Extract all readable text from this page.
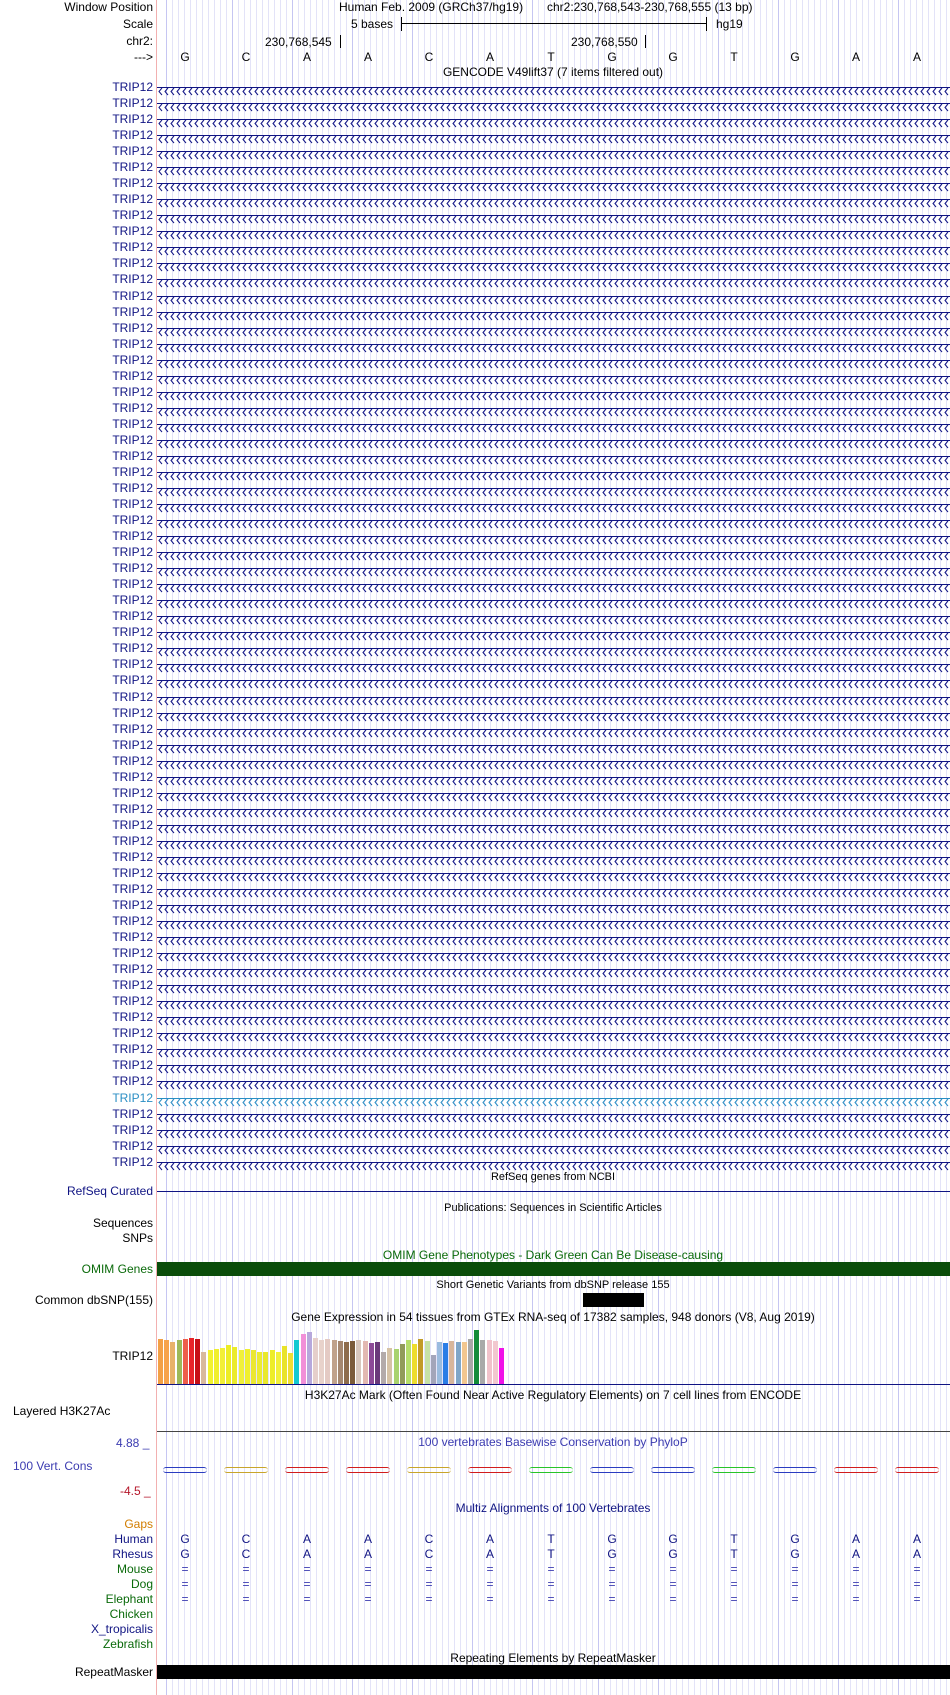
Window Position	Human Feb. 2009 (GRCh37/hg19) chr2:230,768,543-230,768,555 (13 bp)
Scale	5 bases	hg19
chr2:	230,768,545	230,768,550
---> G	C	A	A	C	A	T	G	G	T	G	A	A
GENCODE V49lift37 (7 items filtered out)
TRIP12
TRIP12
TRIP12
TRIP12
TRIP12
TRIP12
TRIP12
TRIP12
TRIP12
TRIP12
TRIP12
TRIP12
TRIP12
TRIP12
TRIP12
TRIP12
TRIP12
TRIP12
TRIP12
TRIP12
TRIP12
TRIP12
TRIP12
TRIP12
TRIP12
TRIP12
TRIP12
TRIP12
TRIP12
TRIP12
TRIP12
TRIP12
TRIP12
TRIP12
TRIP12
TRIP12
TRIP12
TRIP12
TRIP12
TRIP12
TRIP12
TRIP12
TRIP12
TRIP12
TRIP12
TRIP12
TRIP12
TRIP12
TRIP12
TRIP12
TRIP12
TRIP12
TRIP12
TRIP12
TRIP12
TRIP12
TRIP12
TRIP12
TRIP12
TRIP12
TRIP12
TRIP12
TRIP12
TRIP12
TRIP12
TRIP12
TRIP12
TRIP12
RefSeq genes from NCBI
RefSeq Curated
Publications: Sequences in Scientific Articles
Sequences
SNPs
OMIM Gene Phenotypes - Dark Green Can Be Disease-causing
OMIM Genes
Short Genetic Variants from dbSNP release 155
Common dbSNP(155)
Gene Expression in 54 tissues from GTEx RNA-seq of 17382 samples, 948 donors (V8, Aug 2019)
TRIP12
H3K27Ac Mark (Often Found Near Active Regulatory Elements) on 7 cell lines from ENCODE
Layered H3K27Ac
100 vertebrates Basewise Conservation by PhyloP
4.88 _
100 Vert. Cons
-4.5 _
Multiz Alignments of 100 Vertebrates
Gaps
Human G	C	A	A	C	A	T	G	G	T	G	A	A
Rhesus G	C	A	A	C	A	T	G	G	T	G	A	A
Mouse =	=	=	=	=	=	=	=	=	=	=	=	=
Dog =	=	=	=	=	=	=	=	=	=	=	=	=
Elephant =	=	=	=	=	=	=	=	=	=	=	=	=
Chicken
X_tropicalis
Zebrafish
Repeating Elements by RepeatMasker
RepeatMasker
